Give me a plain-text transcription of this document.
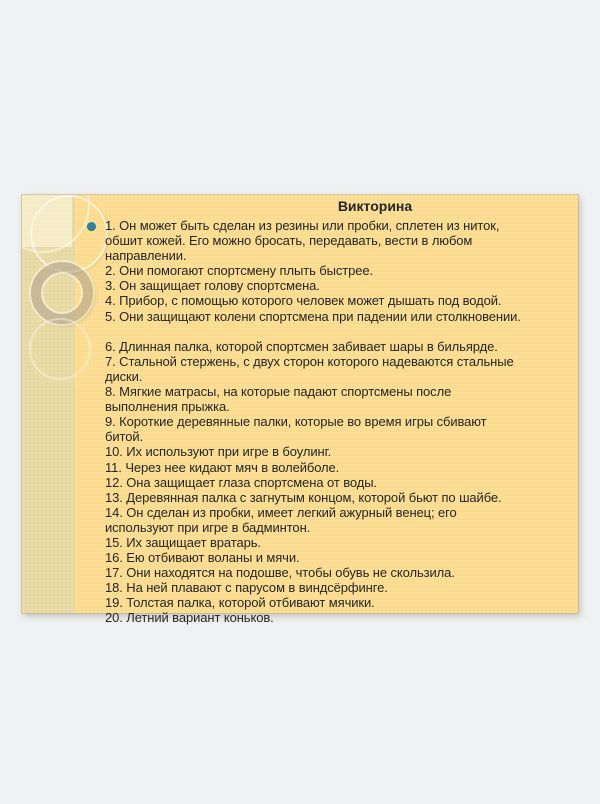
Викторина
1. Он может быть сделан из резины или пробки, сплетен из ниток,
обшит кожей. Его можно бросать, передавать, вести в любом
направлении.
2. Они помогают спортсмену плыть быстрее.
3. Он защищает голову спортсмена.
4. Прибор, с помощью которого человек может дышать под водой.
5. Они защищают колени спортсмена при падении или столкновении.
6. Длинная палка, которой спортсмен забивает шары в бильярде.
7. Стальной стержень, с двух сторон которого надеваются стальные
диски.
8. Мягкие матрасы, на которые падают спортсмены после
выполнения прыжка.
9. Короткие деревянные палки, которые во время игры сбивают
битой.
10. Их используют при игре в боулинг.
11. Через нее кидают мяч в волейболе.
12. Она защищает глаза спортсмена от воды.
13. Деревянная палка с загнутым концом, которой бьют по шайбе.
14. Он сделан из пробки, имеет легкий ажурный венец; его
используют при игре в бадминтон.
15. Их защищает вратарь.
16. Ею отбивают воланы и мячи.
17. Они находятся на подошве, чтобы обувь не скользила.
18. На ней плавают с парусом в виндсёрфинге.
19. Толстая палка, которой отбивают мячики.
20. Летний вариант коньков.
